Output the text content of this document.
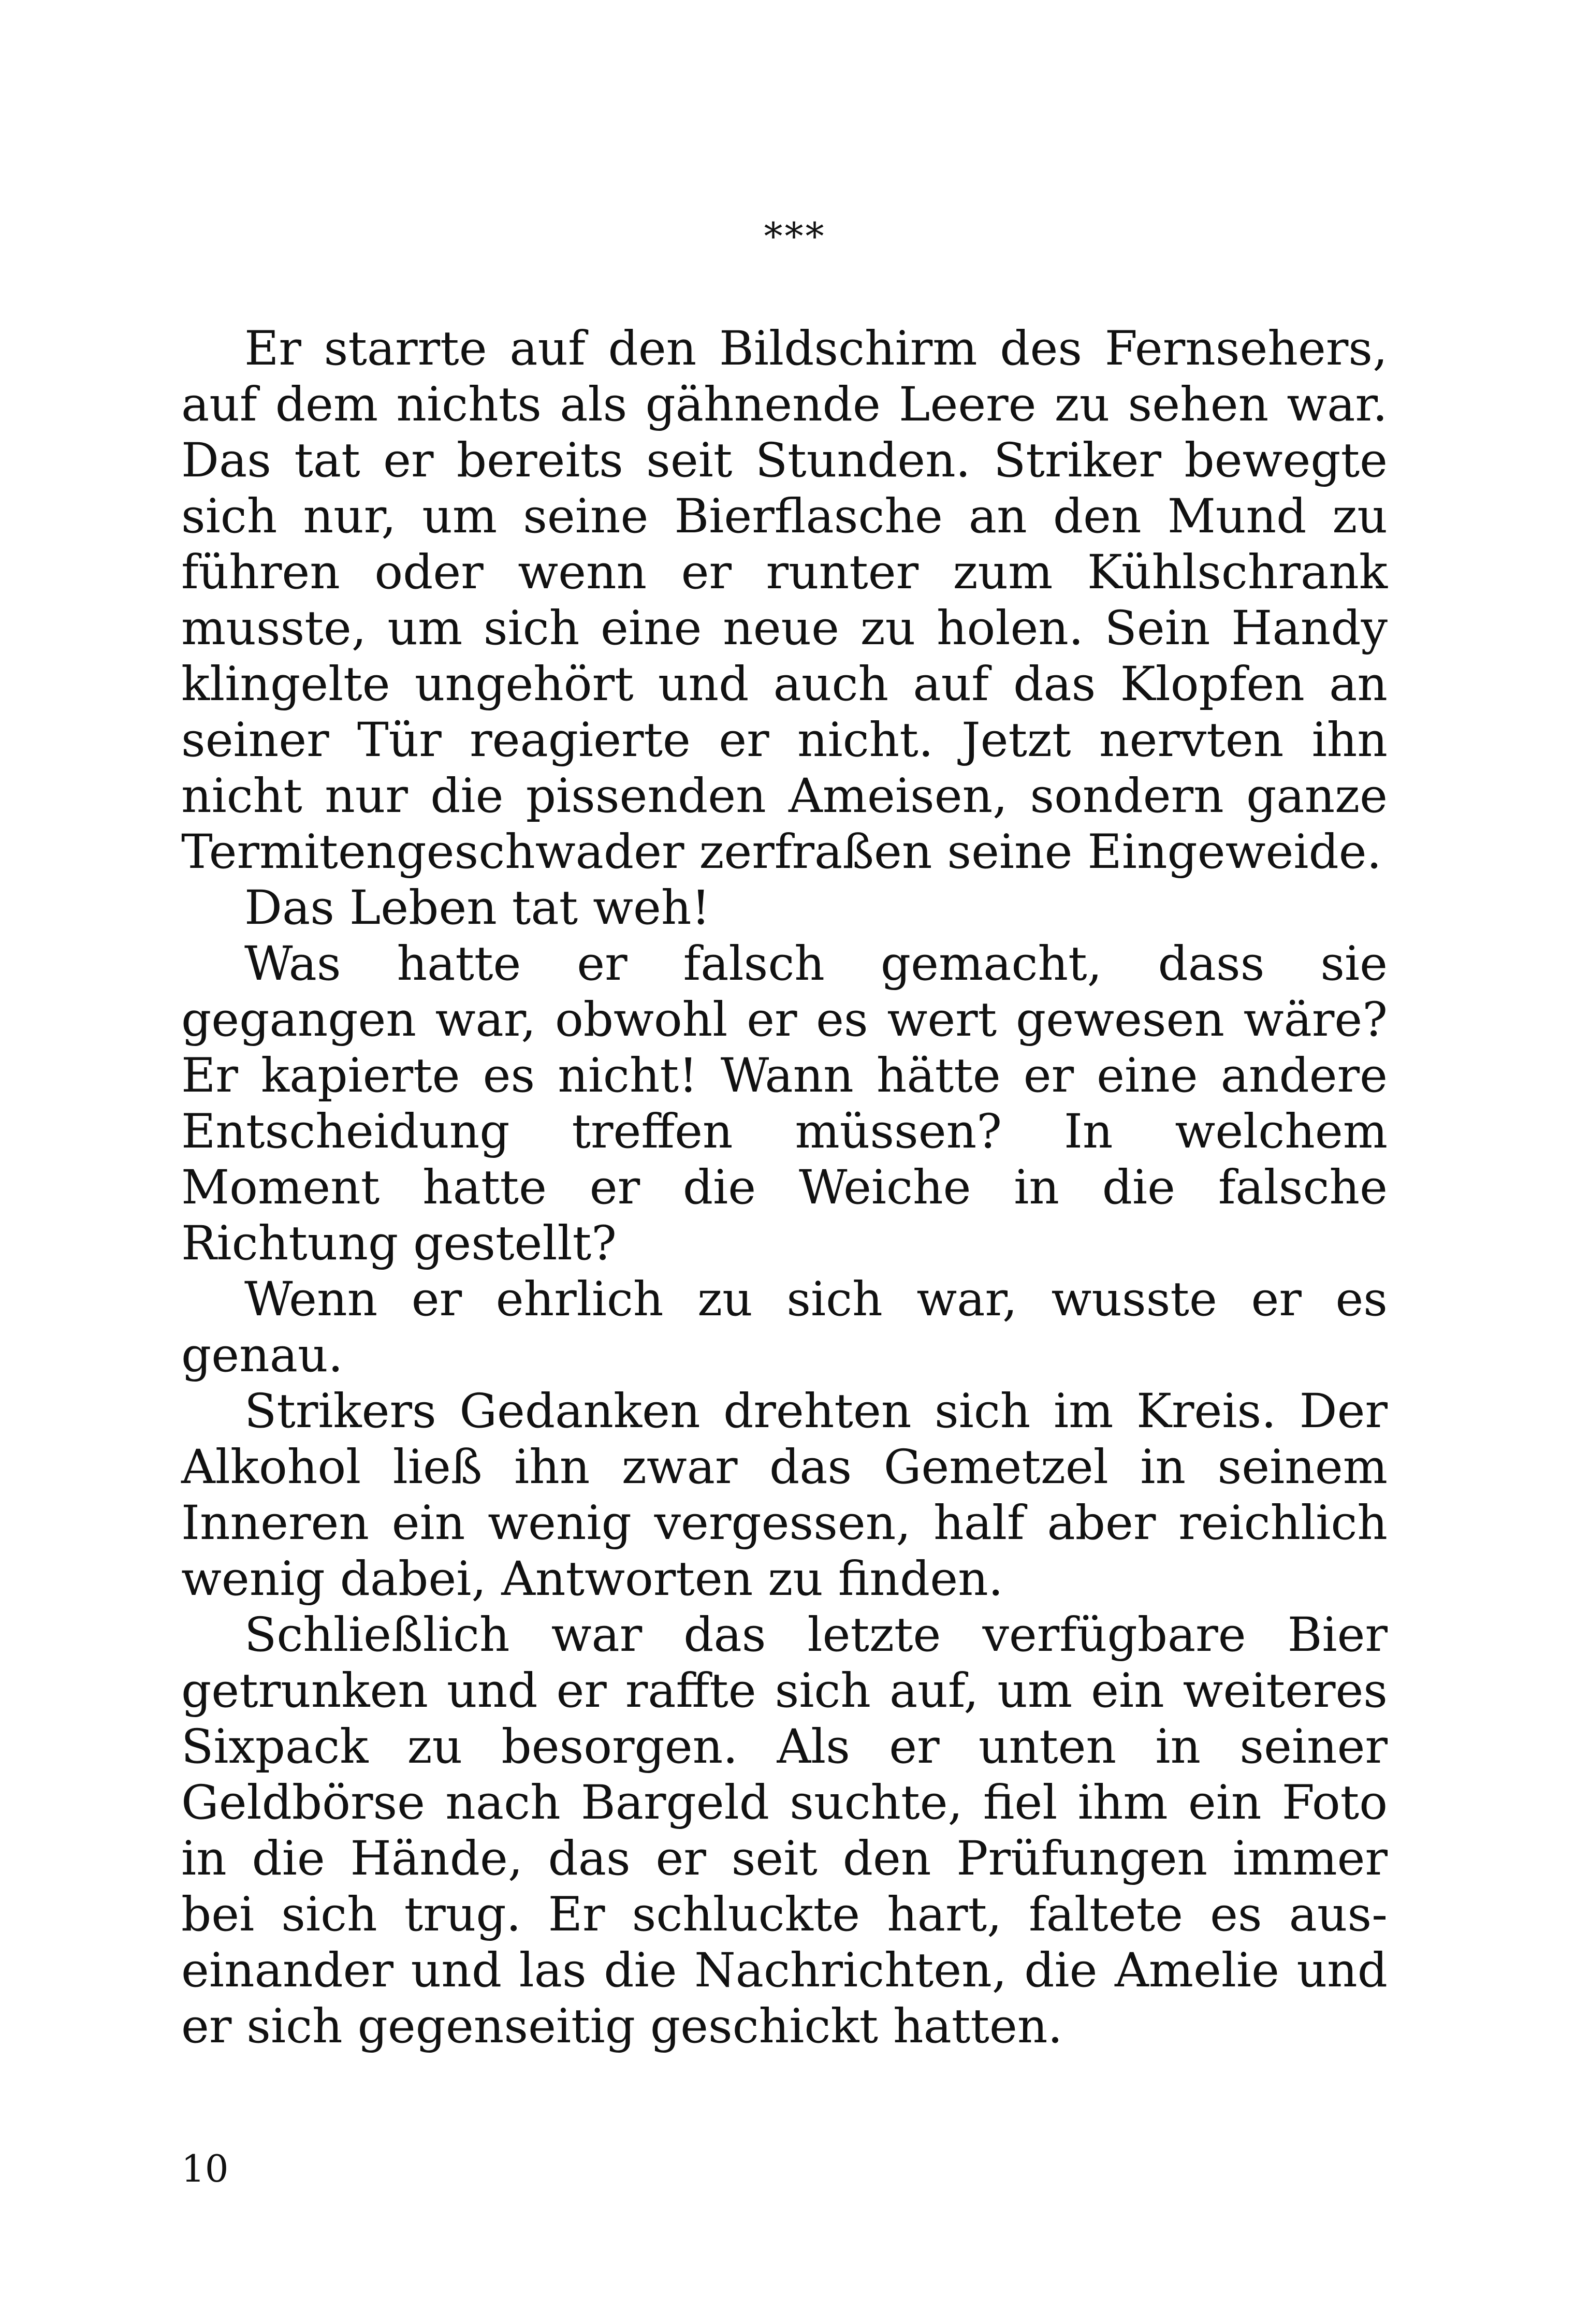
***

Er starrte auf den Bildschirm des Fernsehers, auf dem nichts als gähnende Leere zu sehen war. Das tat er bereits seit Stunden. Striker bewegte sich nur, um seine Bierflasche an den Mund zu führen oder wenn er runter zum Kühlschrank musste, um sich eine neue zu holen. Sein Handy klingelte ungehört und auch auf das Klopfen an seiner Tür reagierte er nicht. Jetzt nervten ihn nicht nur die pissenden Ameisen, sondern ganze Termitengeschwader zerfraßen seine Eingeweide.

Das Leben tat weh!

Was hatte er falsch gemacht, dass sie gegangen war, obwohl er es wert gewesen wäre? Er kapierte es nicht! Wann hätte er eine andere Entscheidung treffen müssen? In welchem Moment hatte er die Weiche in die falsche Richtung gestellt?

Wenn er ehrlich zu sich war, wusste er es genau.

Strikers Gedanken drehten sich im Kreis. Der Alkohol ließ ihn zwar das Gemetzel in seinem Inneren ein wenig vergessen, half aber reichlich wenig dabei, Antworten zu finden.

Schließlich war das letzte verfügbare Bier getrunken und er raffte sich auf, um ein weiteres Sixpack zu besorgen. Als er unten in seiner Geldbörse nach Bargeld suchte, fiel ihm ein Foto in die Hände, das er seit den Prüfungen immer bei sich trug. Er schluckte hart, faltete es auseinander und las die Nachrichten, die Amelie und er sich gegenseitig geschickt hatten.

10
